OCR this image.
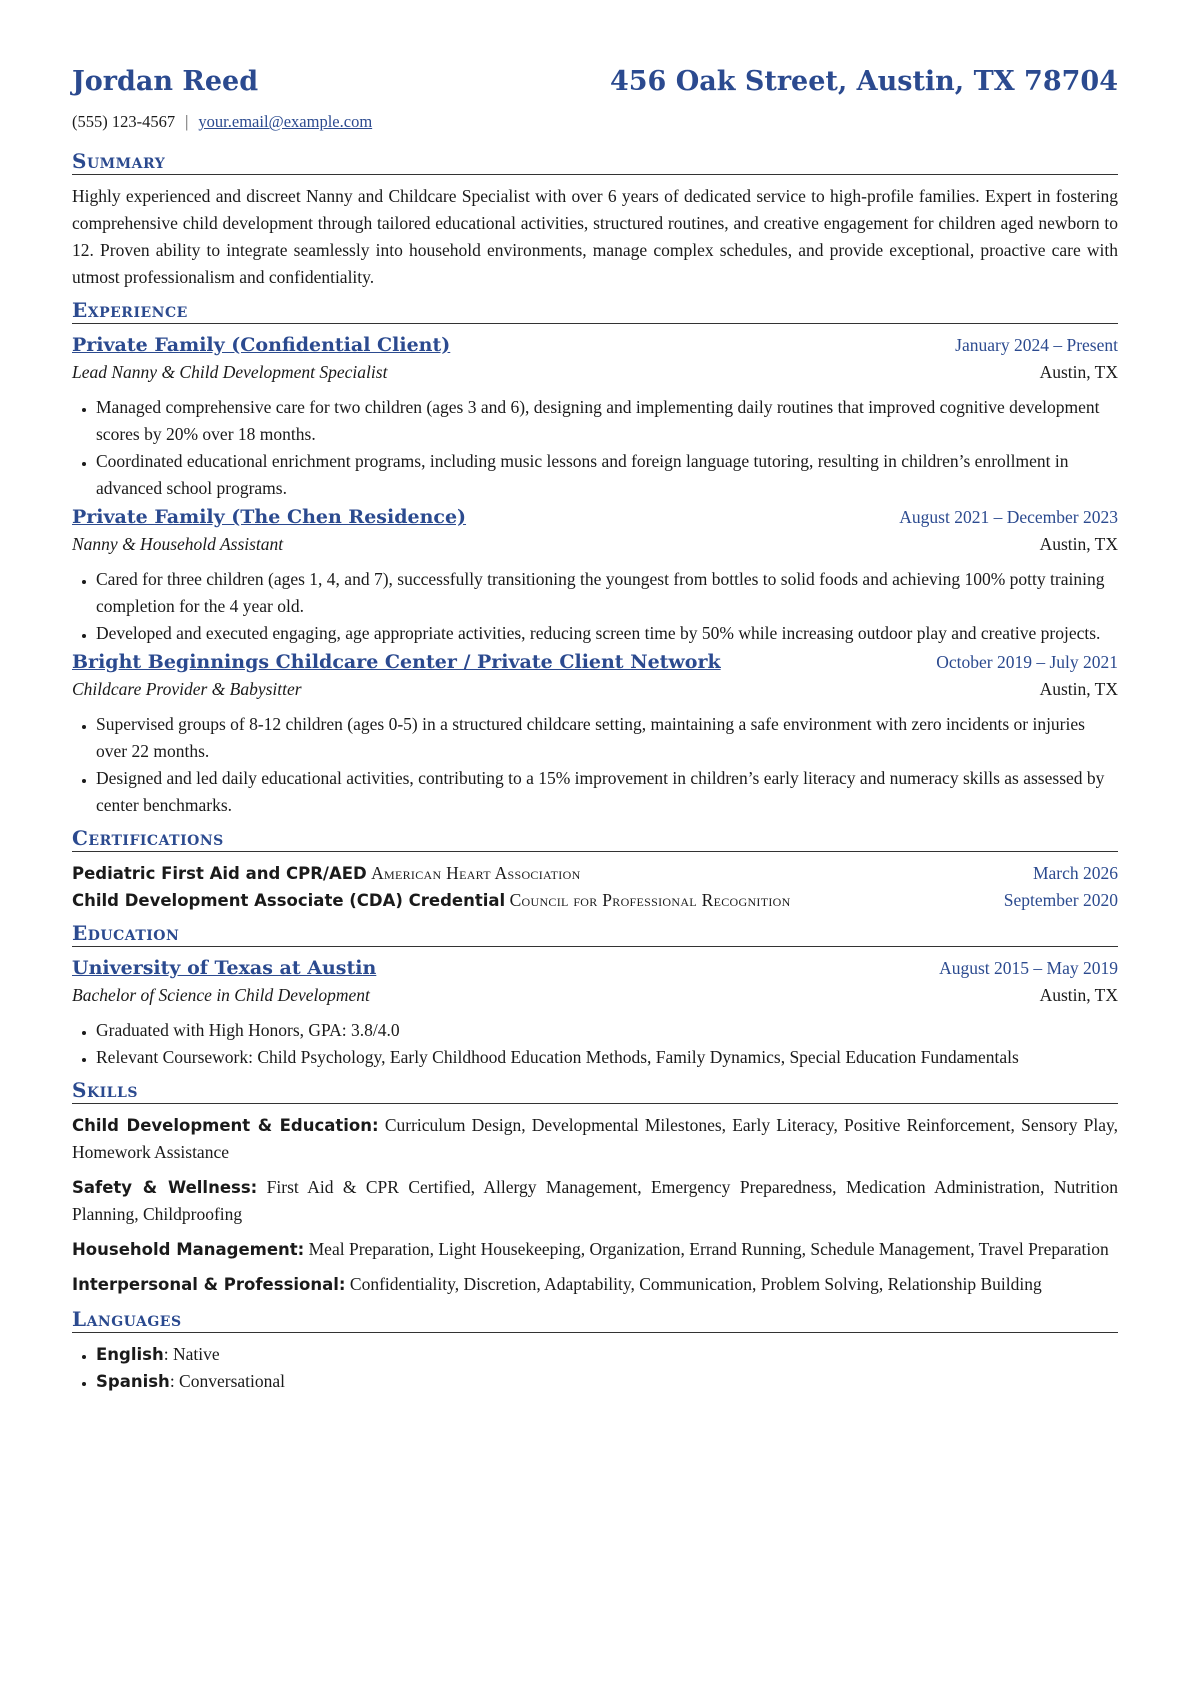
Jordan Reed	456 Oak Street, Austin, TX 78704
(555) 123-4567 | your.email@example.com
Summary

Highly experienced and discreet Nanny and Childcare Specialist with over 6 years of dedicated service to high-profile families. Expert in fostering comprehensive child development through tailored educational activities, structured routines, and creative engagement for children aged newborn to 12. Proven ability to integrate seamlessly into household environments, manage complex schedules, and provide exceptional, proactive care with utmost professionalism and confidentiality.

Experience
Private Family (Confidential Client)	January 2024 – Present
Lead Nanny & Child Development Specialist	Austin, TX
• Managed comprehensive care for two children (ages 3 and 6), designing and implementing daily routines that improved cognitive development scores by 20% over 18 months.
• Coordinated educational enrichment programs, including music lessons and foreign language tutoring, resulting in children’s enrollment in advanced school programs.
Private Family (The Chen Residence)	August 2021 – December 2023
Nanny & Household Assistant	Austin, TX
• Cared for three children (ages 1, 4, and 7), successfully transitioning the youngest from bottles to solid foods and achieving 100% potty training completion for the 4 year old.
• Developed and executed engaging, age appropriate activities, reducing screen time by 50% while increasing outdoor play and creative projects.
Bright Beginnings Childcare Center / Private Client Network	October 2019 – July 2021
Childcare Provider & Babysitter	Austin, TX
• Supervised groups of 8-12 children (ages 0-5) in a structured childcare setting, maintaining a safe environment with zero incidents or injuries over 22 months.
• Designed and led daily educational activities, contributing to a 15% improvement in children’s early literacy and numeracy skills as assessed by center benchmarks.
Certifications
Pediatric First Aid and CPR/AED American Heart Association	March 2026
Child Development Associate (CDA) Credential Council for Professional Recognition	September 2020
Education
University of Texas at Austin	August 2015 – May 2019
Bachelor of Science in Child Development	Austin, TX
• Graduated with High Honors, GPA: 3.8/4.0
• Relevant Coursework: Child Psychology, Early Childhood Education Methods, Family Dynamics, Special Education Fundamentals
Skills

Child Development & Education: Curriculum Design, Developmental Milestones, Early Literacy, Positive Reinforcement, Sensory Play, Homework Assistance

Safety & Wellness: First Aid & CPR Certified, Allergy Management, Emergency Preparedness, Medication Administration, Nutrition Planning, Childproofing

Household Management: Meal Preparation, Light Housekeeping, Organization, Errand Running, Schedule Management, Travel Preparation

Interpersonal & Professional: Confidentiality, Discretion, Adaptability, Communication, Problem Solving, Relationship Building

Languages
• English: Native
• Spanish: Conversational
